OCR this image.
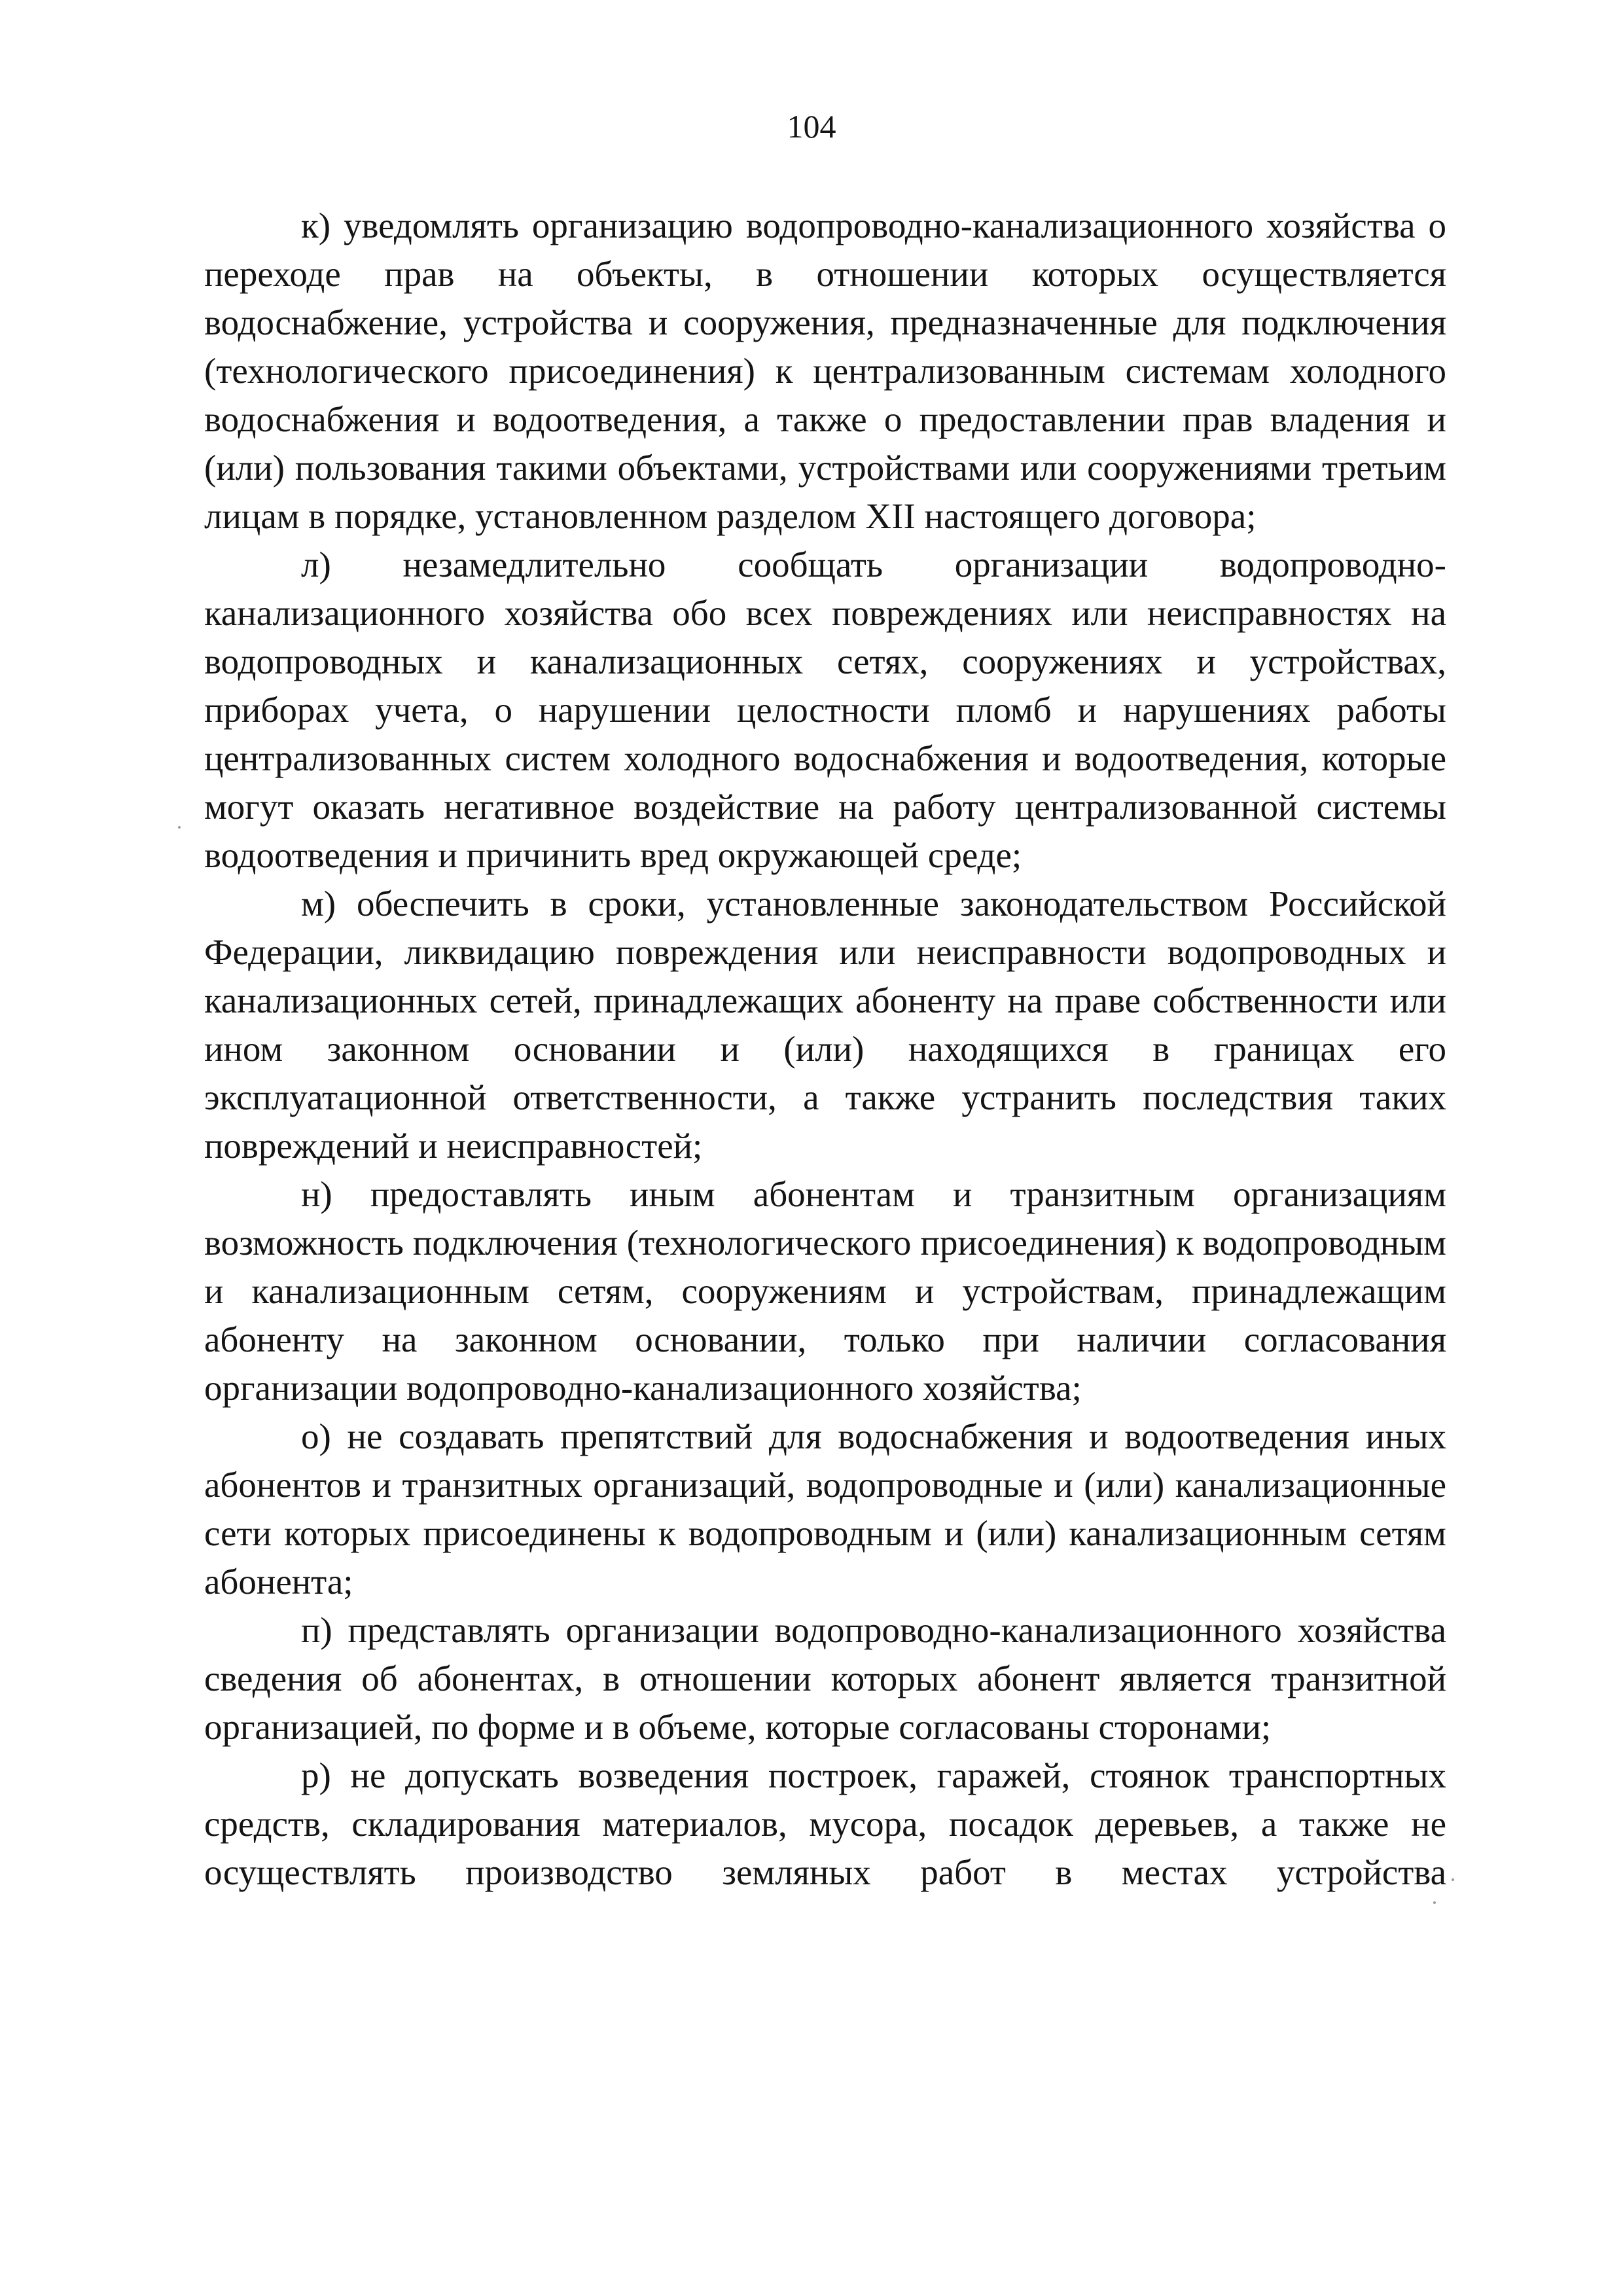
104

к) уведомлять организацию водопроводно-канализационного хозяйства о переходе прав на объекты, в отношении которых осуществляется водоснабжение, устройства и сооружения, предназначенные для подключения (технологического присоединения) к централизованным системам холодного водоснабжения и водоотведения, а также о предоставлении прав владения и (или) пользования такими объектами, устройствами или сооружениями третьим лицам в порядке, установленном разделом XII настоящего договора;

л) незамедлительно сообщать организации водопроводно-канализационного хозяйства обо всех повреждениях или неисправностях на водопроводных и канализационных сетях, сооружениях и устройствах, приборах учета, о нарушении целостности пломб и нарушениях работы централизованных систем холодного водоснабжения и водоотведения, которые могут оказать негативное воздействие на работу централизованной системы водоотведения и причинить вред окружающей среде;

м) обеспечить в сроки, установленные законодательством Российской Федерации, ликвидацию повреждения или неисправности водопроводных и канализационных сетей, принадлежащих абоненту на праве собственности или ином законном основании и (или) находящихся в границах его эксплуатационной ответственности, а также устранить последствия таких повреждений и неисправностей;

н) предоставлять иным абонентам и транзитным организациям возможность подключения (технологического присоединения) к водопроводным и канализационным сетям, сооружениям и устройствам, принадлежащим абоненту на законном основании, только при наличии согласования организации водопроводно-канализационного хозяйства;

о) не создавать препятствий для водоснабжения и водоотведения иных абонентов и транзитных организаций, водопроводные и (или) канализационные сети которых присоединены к водопроводным и (или) канализационным сетям абонента;

п) представлять организации водопроводно-канализационного хозяйства сведения об абонентах, в отношении которых абонент является транзитной организацией, по форме и в объеме, которые согласованы сторонами;

р) не допускать возведения построек, гаражей, стоянок транспортных средств, складирования материалов, мусора, посадок деревьев, а также не осуществлять производство земляных работ в местах устройства
